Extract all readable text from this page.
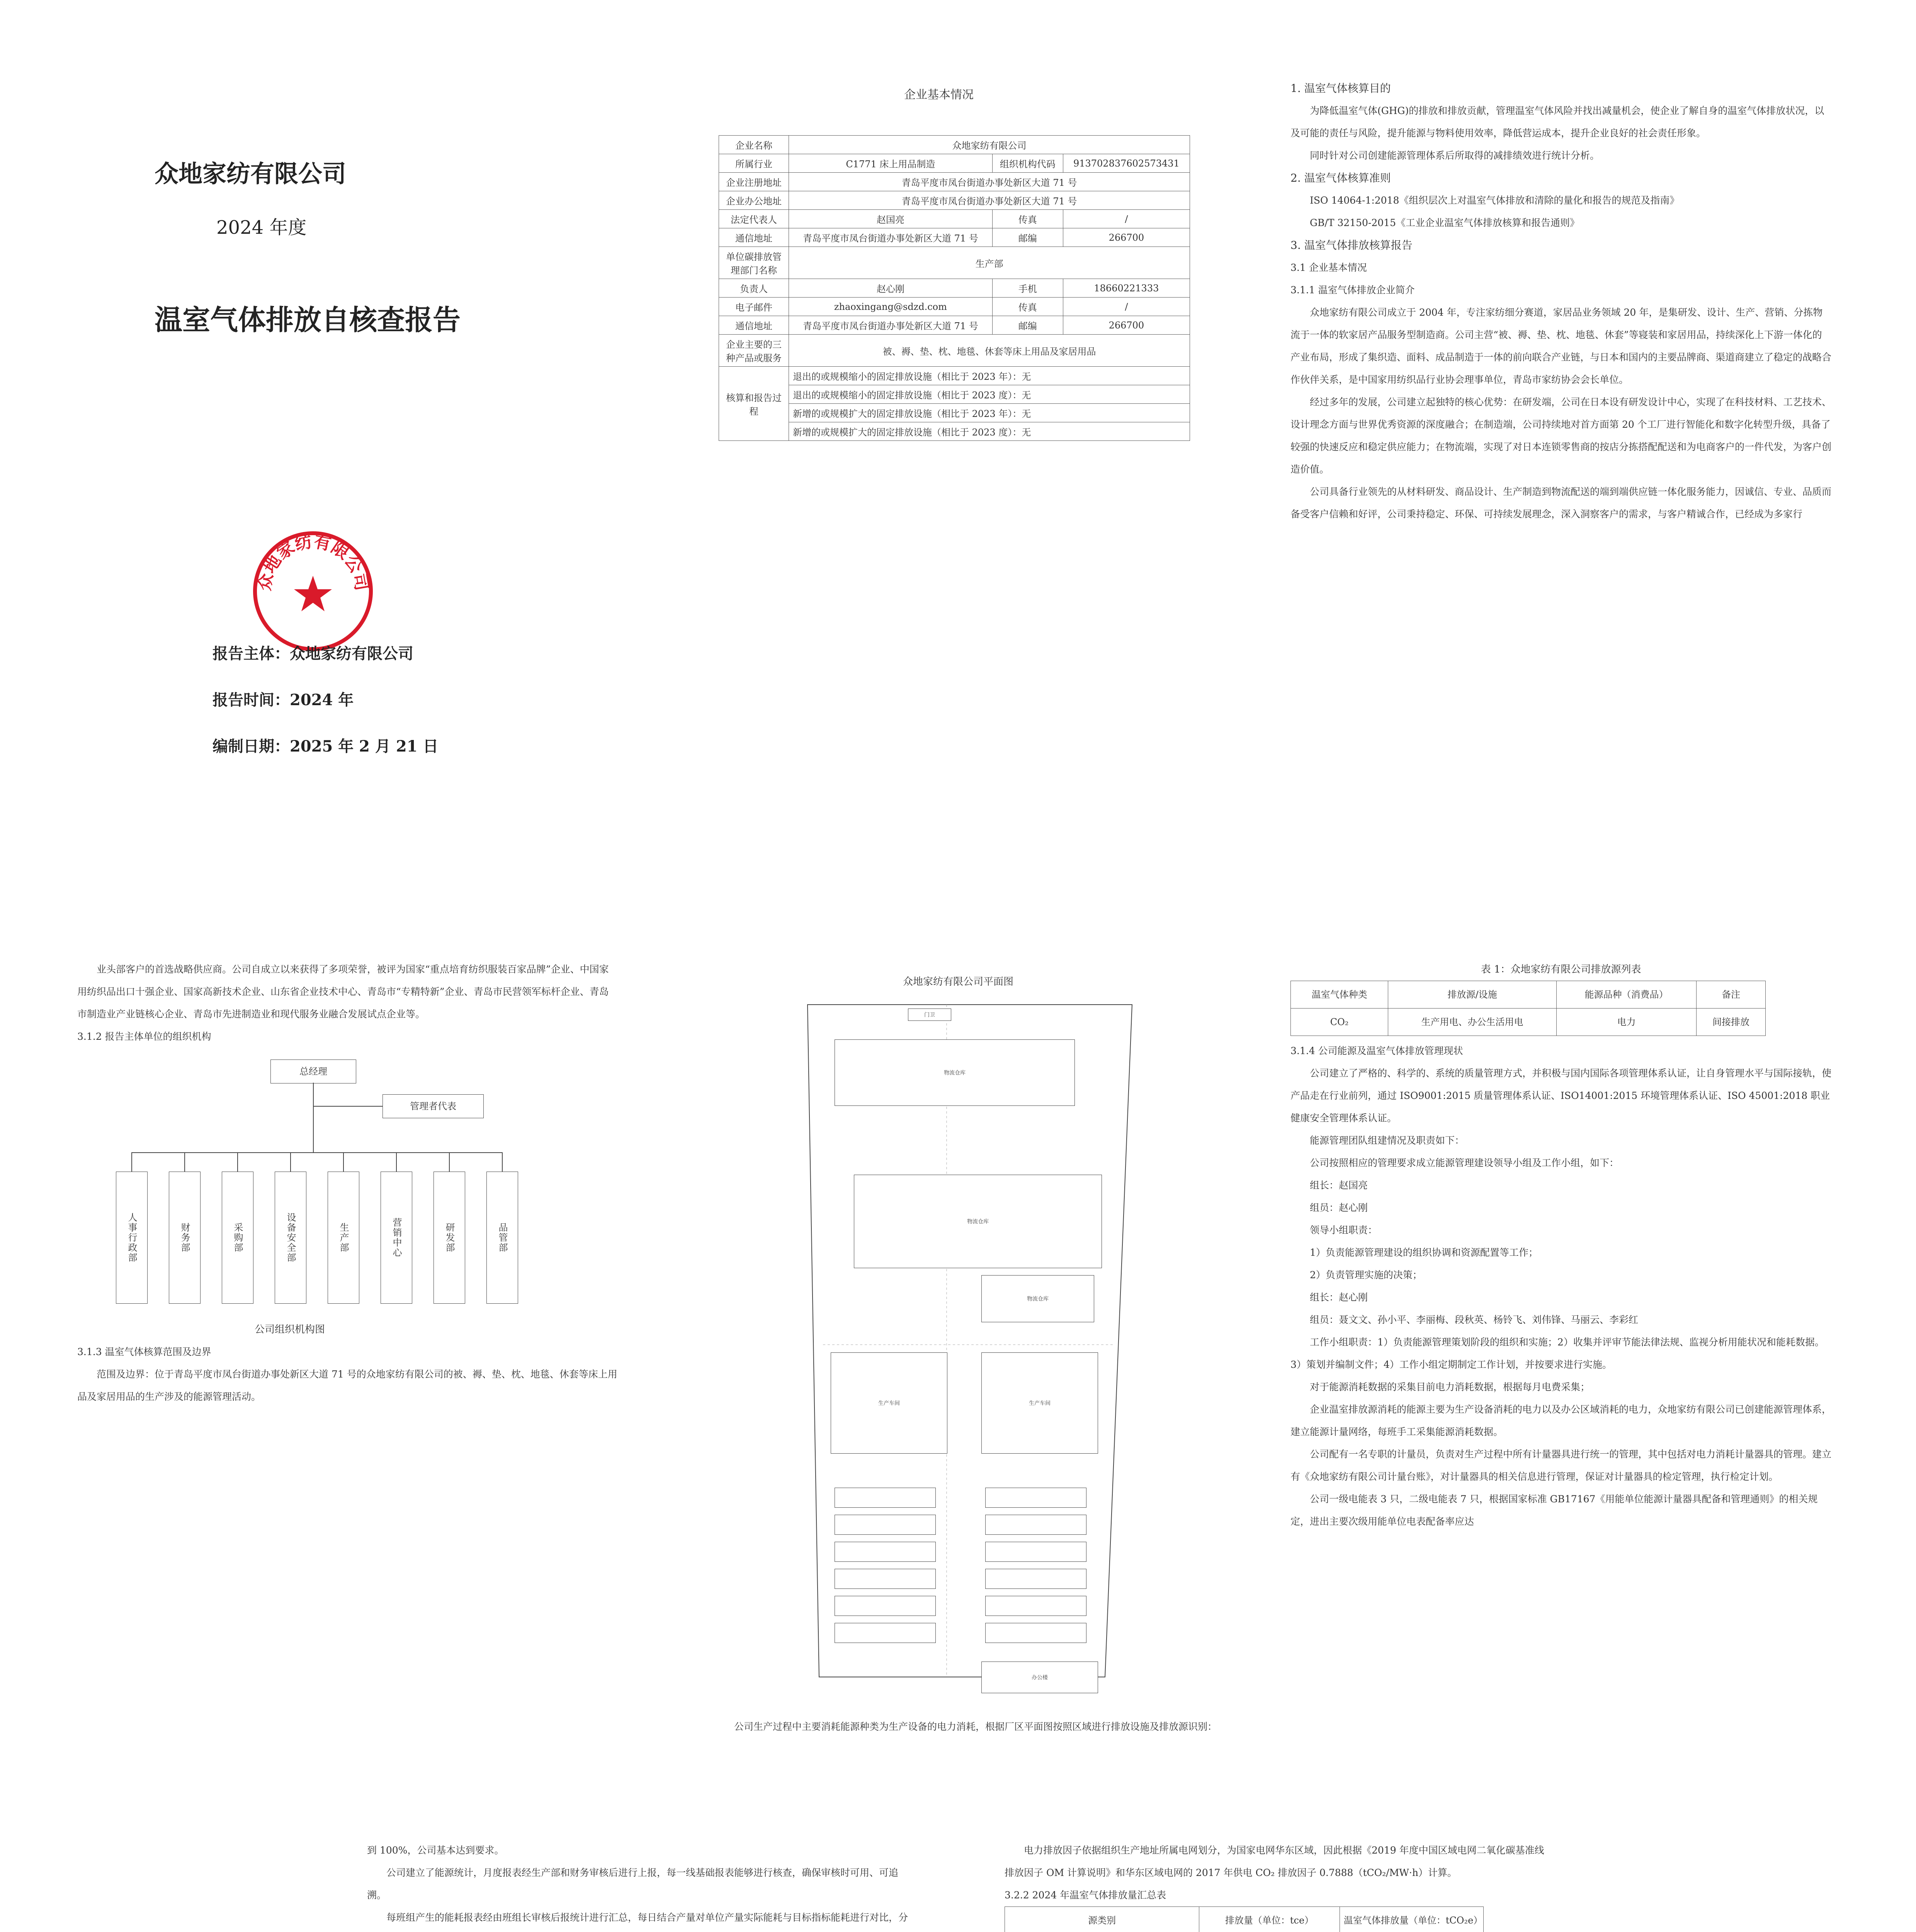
众地家纺有限公司
2024 年度
温室气体排放自核查报告
众地家纺有限公司
报告主体：众地家纺有限公司
报告时间：2024 年
编制日期：2025 年 2 月 21 日
企业基本情况
企业名称	众地家纺有限公司		
所属行业	C1771 床上用品制造	组织机构代码	913702837602573431
企业注册地址	青岛平度市凤台街道办事处新区大道 71 号		
企业办公地址	青岛平度市凤台街道办事处新区大道 71 号		
法定代表人	赵国亮	传真	/
通信地址	青岛平度市凤台街道办事处新区大道 71 号	邮编	266700
单位碳排放管理部门名称	生产部		
负责人	赵心刚	手机	18660221333
电子邮件	zhaoxingang@sdzd.com	传真	/
通信地址	青岛平度市凤台街道办事处新区大道 71 号	邮编	266700
企业主要的三种产品或服务	被、褥、垫、枕、地毯、休套等床上用品及家居用品		
核算和报告过程	退出的或规模缩小的固定排放设施（相比于 2023 年）：无		
	退出的或规模缩小的固定排放设施（相比于 2023 度）：无		
	新增的或规模扩大的固定排放设施（相比于 2023 年）：无		
	新增的或规模扩大的固定排放设施（相比于 2023 度）：无		

1. 温室气体核算目的

为降低温室气体(GHG)的排放和排放贡献，管理温室气体风险并找出减量机会，使企业了解自身的温室气体排放状况，以及可能的责任与风险，提升能源与物料使用效率，降低营运成本，提升企业良好的社会责任形象。

同时针对公司创建能源管理体系后所取得的减排绩效进行统计分析。

2. 温室气体核算准则

ISO 14064-1:2018《组织层次上对温室气体排放和清除的量化和报告的规范及指南》

GB/T 32150-2015《工业企业温室气体排放核算和报告通则》

3. 温室气体排放核算报告

3.1 企业基本情况

3.1.1 温室气体排放企业简介

众地家纺有限公司成立于 2004 年，专注家纺细分赛道，家居品业务领域 20 年，是集研发、设计、生产、营销、分拣物流于一体的软家居产品服务型制造商。公司主营“被、褥、垫、枕、地毯、休套”等寝装和家居用品，持续深化上下游一体化的产业布局，形成了集织造、面料、成品制造于一体的前向联合产业链，与日本和国内的主要品牌商、渠道商建立了稳定的战略合作伙伴关系，是中国家用纺织品行业协会理事单位，青岛市家纺协会会长单位。

经过多年的发展，公司建立起独特的核心优势：在研发端，公司在日本设有研发设计中心，实现了在科技材料、工艺技术、设计理念方面与世界优秀资源的深度融合；在制造端，公司持续地对首方面第 20 个工厂进行智能化和数字化转型升级，具备了较强的快速反应和稳定供应能力；在物流端，实现了对日本连锁零售商的按店分拣搭配配送和为电商客户的一件代发，为客户创造价值。

公司具备行业领先的从材料研发、商品设计、生产制造到物流配送的端到端供应链一体化服务能力，因诚信、专业、品质而备受客户信赖和好评，公司秉持稳定、环保、可持续发展理念，深入洞察客户的需求，与客户精诚合作，已经成为多家行

业头部客户的首选战略供应商。公司自成立以来获得了多项荣誉，被评为国家“重点培育纺织服装百家品牌”企业、中国家用纺织品出口十强企业、国家高新技术企业、山东省企业技术中心、青岛市“专精特新”企业、青岛市民营领军标杆企业、青岛市制造业产业链核心企业、青岛市先进制造业和现代服务业融合发展试点企业等。

3.1.2 报告主体单位的组织机构

总经理
管理者代表
人事行政部	财务部	采购部	设备安全部	生产部	营销中心	研发部	品管部
公司组织机构图

3.1.3 温室气体核算范围及边界

范围及边界：位于青岛平度市凤台街道办事处新区大道 71 号的众地家纺有限公司的被、褥、垫、枕、地毯、休套等床上用品及家居用品的生产涉及的能源管理活动。

众地家纺有限公司平面图
门卫
物流仓库
物流仓库
物流仓库
生产车间	生产车间
办公楼
公司生产过程中主要消耗能源种类为生产设备的电力消耗，根据厂区平面图按照区域进行排放设施及排放源识别：
表 1：众地家纺有限公司排放源列表
温室气体种类	排放源/设施	能源品种（消费品）	备注
CO₂	生产用电、办公生活用电	电力	间接排放

3.1.4 公司能源及温室气体排放管理现状

公司建立了严格的、科学的、系统的质量管理方式，并积极与国内国际各项管理体系认证，让自身管理水平与国际接轨，使产品走在行业前列，通过 ISO9001:2015 质量管理体系认证、ISO14001:2015 环境管理体系认证、ISO 45001:2018 职业健康安全管理体系认证。

能源管理团队组建情况及职责如下：

公司按照相应的管理要求成立能源管理建设领导小组及工作小组，如下：

组长：赵国亮

组员：赵心刚

领导小组职责：

1）负责能源管理建设的组织协调和资源配置等工作；

2）负责管理实施的决策；

组长：赵心刚

组员：聂文文、孙小平、李丽梅、段秋英、杨铃飞、刘伟锋、马丽云、李彩红

工作小组职责：1）负责能源管理策划阶段的组织和实施；2）收集并评审节能法律法规、监视分析用能状况和能耗数据。3）策划并编制文件；4）工作小组定期制定工作计划，并按要求进行实施。

对于能源消耗数据的采集目前电力消耗数据，根据每月电费采集；

企业温室排放源消耗的能源主要为生产设备消耗的电力以及办公区域消耗的电力，众地家纺有限公司已创建能源管理体系，建立能源计量网络，每班手工采集能源消耗数据。

公司配有一名专职的计量员，负责对生产过程中所有计量器具进行统一的管理，其中包括对电力消耗计量器具的管理。建立有《众地家纺有限公司计量台账》，对计量器具的相关信息进行管理，保证对计量器具的检定管理，执行检定计划。

公司一级电能表 3 只，二级电能表 7 只，根据国家标准 GB17167《用能单位能源计量器具配备和管理通则》的相关规定，进出主要次级用能单位电表配备率应达

到 100%，公司基本达到要求。

公司建立了能源统计，月度报表经生产部和财务审核后进行上报，每一线基础报表能够进行核查，确保审核时可用、可追溯。

每班组产生的能耗报表经由班组长审核后报统计进行汇总，每日结合产量对单位产量实际能耗与目标指标能耗进行对比，分

电力排放因子依据组织生产地址所属电网划分，为国家电网华东区域，因此根据《2019 年度中国区域电网二氧化碳基准线排放因子 OM 计算说明》和华东区域电网的 2017 年供电 CO₂ 排放因子 0.7888（tCO₂/MW·h）计算。

3.2.2 2024 年温室气体排放量汇总表

源类别		排放量（单位：tce）	温室气体排放量（单位：tCO₂e）
